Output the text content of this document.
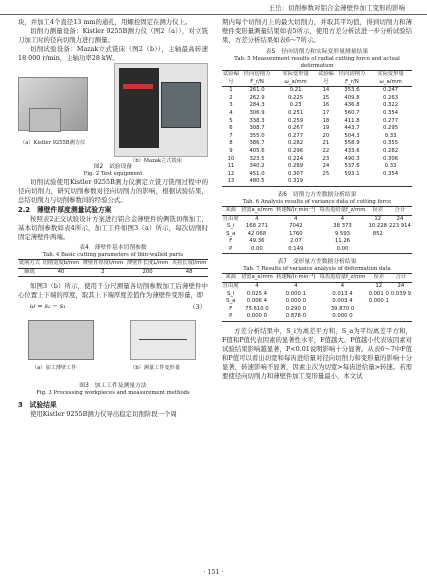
王岳：切削参数对铝合金薄壁件加工变形的影响

块，并加工4个直径13 mm的通孔，用螺栓固定在测力仪上。

切削力测量设备：Kistler 9255B测力仪（图2（a）），对立铣刀加工时的径向切削力进行测量。

切削试验设备：Mazak立式铣床（图2（b）），主轴最高转速18 000 r/min，主轴功率28 kW。

（a）Kistler 9255B测力仪
（b）Mazak立式铣床

图2　试验设备

Fig. 2 Test equipment

切削试验使用Kistler 9255B测力仪测定立铣刀铣削过程中的径向切削力，研究切削参数对径向切削力的影响，根据试验结果，总结切削力与切削参数间的经验公式。

2.2　薄壁件厚度测量试验方案

按照表2正交试验设计方案进行铝合金薄壁件的侧铣切削加工，基本切削参数如表4所示，加工工件如图3（a）所示，每次切削时固定薄壁件两端。

表4　薄壁件基本切削参数

Tab. 4 Basic cutting parameters of thin-walled parts

铣削方式	切削宽度b/mm	薄壁件厚度t/mm	薄壁件长度L/mm	夹持长度l/mm
顺铣	40	2	200	48

如图3（b）所示，使用千分尺测量各切削参数加工后薄壁件中心位置上下端的厚度，取其上下端厚度差值作为薄壁件变形量，即

ω = s₂ − s₁	（3）
（a）加工薄壁工件	（b）测量工件变形量

图3　加工工件及测量方法

Fig. 3 Processing workpieces and measurement methods

3　试验结果

使用Kistler 9255B测力仪导出稳定切削阶段一个周

期内每个切削刃上的最大切削力，并取其平均值，得到切削力和薄壁件变形量测量结果如表5所示，使用方差分析法进一步分析试验结果，方差分析结果如表6～7所示。

表5　径向切削力和实际变形量测量结果

Tab. 5 Measurement results of radial cutting force and actual deformation

试验编号	径向切削力F_r/N	实际变形量ω_a/mm	试验编号	径向切削力F_r/N	实际变形量ω_a/mm
1	261.0	0.21	14	353.6	0.247
2	262.9	0.225	15	409.8	0.263
3	284.3	0.23	16	436.8	0.322
4	306.9	0.251	17	560.7	0.354
5	338.3	0.259	18	411.8	0.277
6	308.7	0.267	19	443.7	0.295
7	355.0	0.277	20	504.3	0.33
8	386.7	0.282	21	558.9	0.355
9	405.6	0.296	22	433.6	0.282
10	323.5	0.224	23	490.3	0.306
11	340.2	0.289	24	537.6	0.33
12	451.0	0.307	25	593.1	0.354
13	480.5	0.319			

表6　切削力方差数据分析结果

Tab. 6 Analysis results of variance data of cutting force

来源	切宽a_e/mm	转速N/(r·min⁻¹)	每齿进给量f_z/mm	误差	合计
自由度	4	4	4	12	24
S_i	168 271	7042	38 373	10 228	223 914
S_a	42 068	1760	9 593	852	
F	49.36	2.07	11.26		
P	0.00	0.149	0.00		

表7　变形量方差数据分析结果

Tab. 7 Results of variance analysis of deformation data

来源	切宽a_e/mm	转速N/(r·min⁻¹)	每齿进给量f_z/mm	误差	合计
自由度	4	4	4	12	24
S_i	0.025 4	0.000 1	0.013 4	0.001 0	0.039 9
S_a	0.006 4	0.000 0	0.003 4	0.000 1	
F	75.610 0	0.290 0	39.870 0		
P	0.000 0	0.878 0	0.000 0		

方差分析结果中，S_i为离差平方和，S_a为平均离差平方和，F值和P值代表因素的显著性水平，F值越大、P值越小代表该因素对试验结果影响越显著，P<0.01说明影响十分显著。从表6～7中F值和P值可以看出切宽和每齿进给量对径向切削力和变形量的影响十分显著，转速影响不显著，因素主次为切宽>每齿进给量>转速。若需要使径向切削力和薄壁件加工变形量最小，本文试

· 151 ·
